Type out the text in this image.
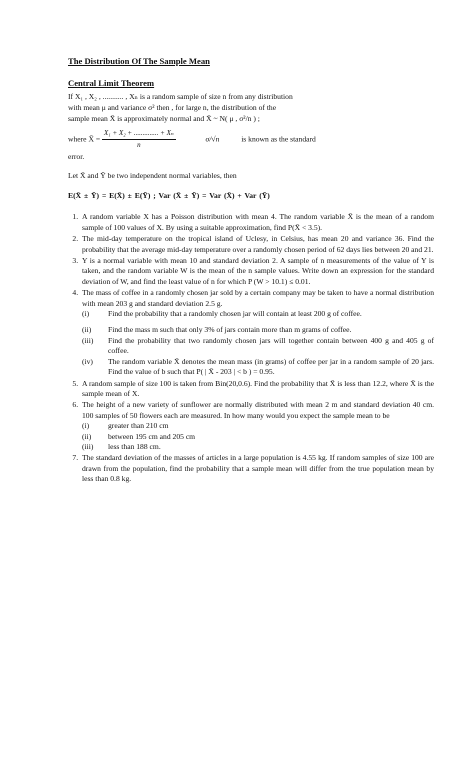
The Distribution Of The Sample Mean
Central Limit Theorem

If X₁ , X₂ , ........... , Xₙ is a random sample of size n from any distribution

with mean μ and variance σ² then , for large n, the distribution of the

sample mean X̄ is approximately normal and X̄ ~ N( μ , σ²/n ) ;

where X̄ = $\frac{\text{X₁ + X₂ + .............. + Xₙ}}{n}$	σ/√n	is known as the standard

error.

Let X̄ and Ȳ be two independent normal variables, then

E(X̄ ± Ȳ) = E(X̄) ± E(Ȳ) ; Var (X̄ ± Ȳ) = Var (X̄) + Var (Ȳ)
1. A random variable X has a Poisson distribution with mean 4. The random variable X̄ is the mean of a random sample of 100 values of X. By using a suitable approximation, find P(X̄ < 3.5).
2. The mid-day temperature on the tropical island of Uclesy, in Celsius, has mean 20 and variance 36. Find the probability that the average mid-day temperature over a randomly chosen period of 62 days lies between 20 and 21.
3. Y is a normal variable with mean 10 and standard deviation 2. A sample of n measurements of the value of Y is taken, and the random variable W is the mean of the n sample values. Write down an expression for the standard deviation of W, and find the least value of n for which P (W > 10.1) ≤ 0.01.
4. The mass of coffee in a randomly chosen jar sold by a certain company may be taken to have a normal distribution with mean 203 g and standard deviation 2.5 g.
(i)	Find the probability that a randomly chosen jar will contain at least 200 g of coffee.
(ii)	Find the mass m such that only 3% of jars contain more than m grams of coffee.
(iii)	Find the probability that two randomly chosen jars will together contain between 400 g and 405 g of coffee.
(iv)	The random variable X̄ denotes the mean mass (in grams) of coffee per jar in a random sample of 20 jars. Find the value of b such that P( | X̄ - 203 | < b ) = 0.95.
5. A random sample of size 100 is taken from Bin(20,0.6). Find the probability that X̄ is less than 12.2, where X̄ is the sample mean of X.
6. The height of a new variety of sunflower are normally distributed with mean 2 m and standard deviation 40 cm. 100 samples of 50 flowers each are measured. In how many would you expect the sample mean to be
(i)	greater than 210 cm
(ii)	between 195 cm and 205 cm
(iii)	less than 188 cm.
7. The standard deviation of the masses of articles in a large population is 4.55 kg. If random samples of size 100 are drawn from the population, find the probability that a sample mean will differ from the true population mean by less than 0.8 kg.
